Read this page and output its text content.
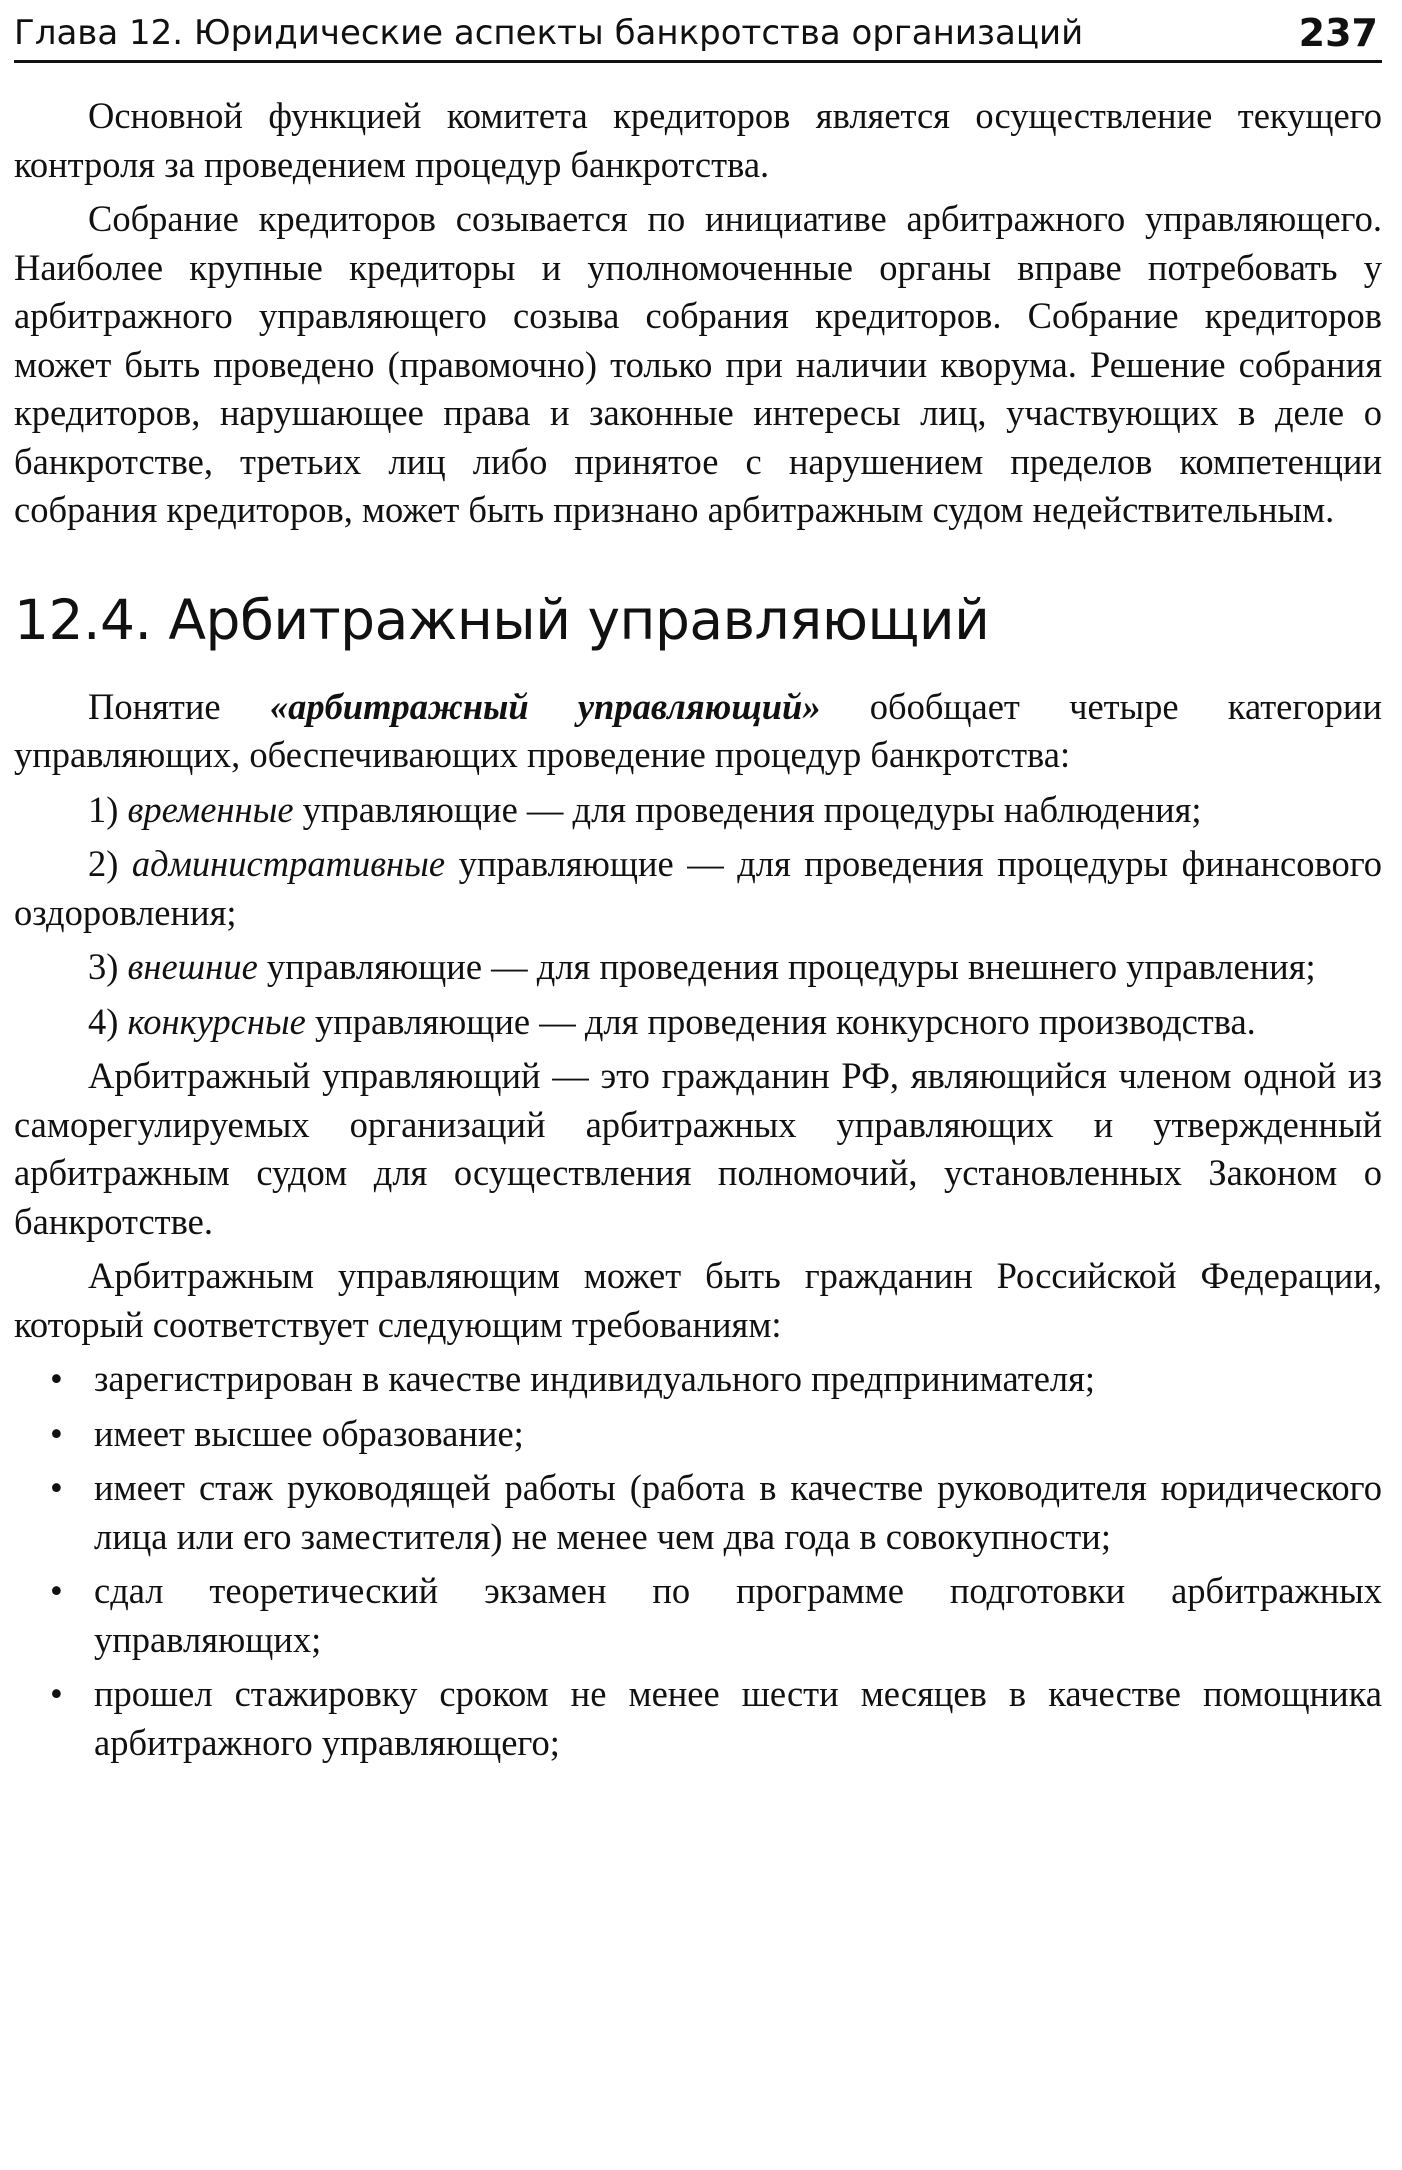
Глава 12. Юридические аспекты банкротства организаций	237

Основной функцией комитета кредиторов является осуществление текущего контроля за проведением процедур банкротства.

Собрание кредиторов созывается по инициативе арбитражного управляющего. Наиболее крупные кредиторы и уполномоченные органы вправе потребовать у арбитражного управляющего созыва собрания кредиторов. Собрание кредиторов может быть проведено (правомочно) только при наличии кворума. Решение собрания кредиторов, нарушающее права и законные интересы лиц, участвующих в деле о банкротстве, третьих лиц либо принятое с нарушением пределов компетенции собрания кредиторов, может быть признано арбитражным судом недействительным.

12.4. Арбитражный управляющий

Понятие «арбитражный управляющий» обобщает четыре категории управляющих, обеспечивающих проведение процедур банкротства:

1) временные управляющие — для проведения процедуры наблюдения;

2) административные управляющие — для проведения процедуры финансового оздоровления;

3) внешние управляющие — для проведения процедуры внешнего управления;

4) конкурсные управляющие — для проведения конкурсного производства.

Арбитражный управляющий — это гражданин РФ, являющийся членом одной из саморегулируемых организаций арбитражных управляющих и утвержденный арбитражным судом для осуществления полномочий, установленных Законом о банкротстве.

Арбитражным управляющим может быть гражданин Российской Федерации, который соответствует следующим требованиям:

• зарегистрирован в качестве индивидуального предпринимателя;
• имеет высшее образование;
• имеет стаж руководящей работы (работа в качестве руководителя юридического лица или его заместителя) не менее чем два года в совокупности;
• сдал теоретический экзамен по программе подготовки арбитражных управляющих;
• прошел стажировку сроком не менее шести месяцев в качестве помощника арбитражного управляющего;
